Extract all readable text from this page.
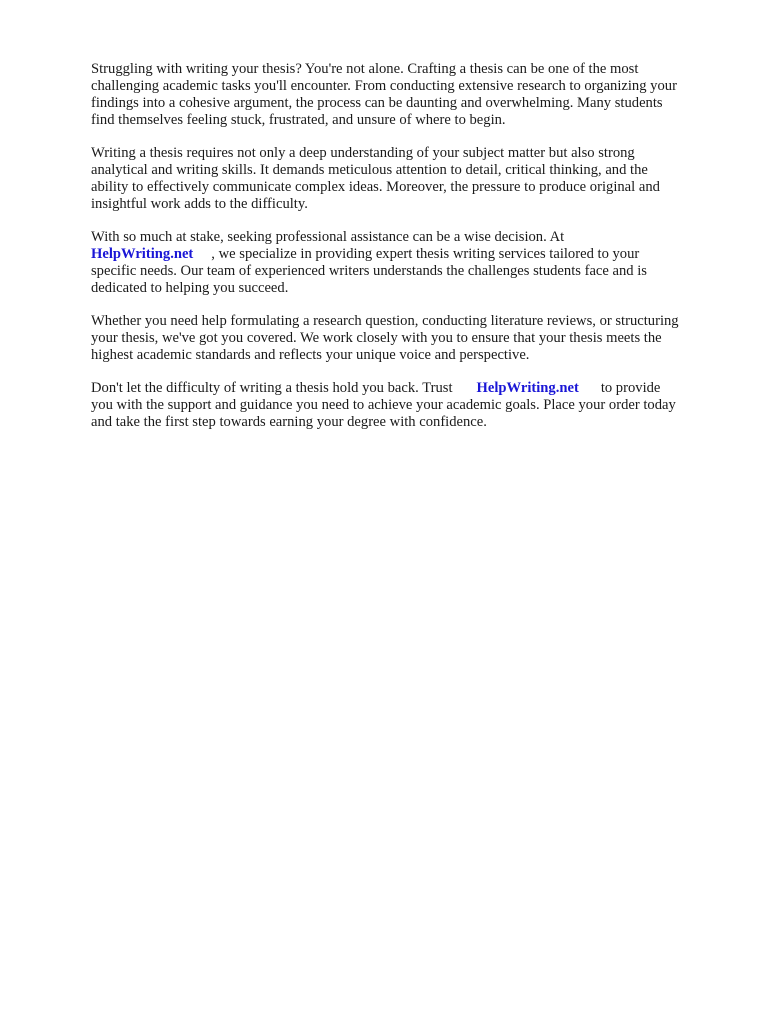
Struggling with writing your thesis? You're not alone. Crafting a thesis can be one of the most
challenging academic tasks you'll encounter. From conducting extensive research to organizing your
findings into a cohesive argument, the process can be daunting and overwhelming. Many students
find themselves feeling stuck, frustrated, and unsure of where to begin.

Writing a thesis requires not only a deep understanding of your subject matter but also strong
analytical and writing skills. It demands meticulous attention to detail, critical thinking, and the
ability to effectively communicate complex ideas. Moreover, the pressure to produce original and
insightful work adds to the difficulty.

With so much at stake, seeking professional assistance can be a wise decision. At
HelpWriting.net , we specialize in providing expert thesis writing services tailored to your
specific needs. Our team of experienced writers understands the challenges students face and is
dedicated to helping you succeed.

Whether you need help formulating a research question, conducting literature reviews, or structuring
your thesis, we've got you covered. We work closely with you to ensure that your thesis meets the
highest academic standards and reflects your unique voice and perspective.

Don't let the difficulty of writing a thesis hold you back. Trust HelpWriting.net to provide
you with the support and guidance you need to achieve your academic goals. Place your order today
and take the first step towards earning your degree with confidence.
